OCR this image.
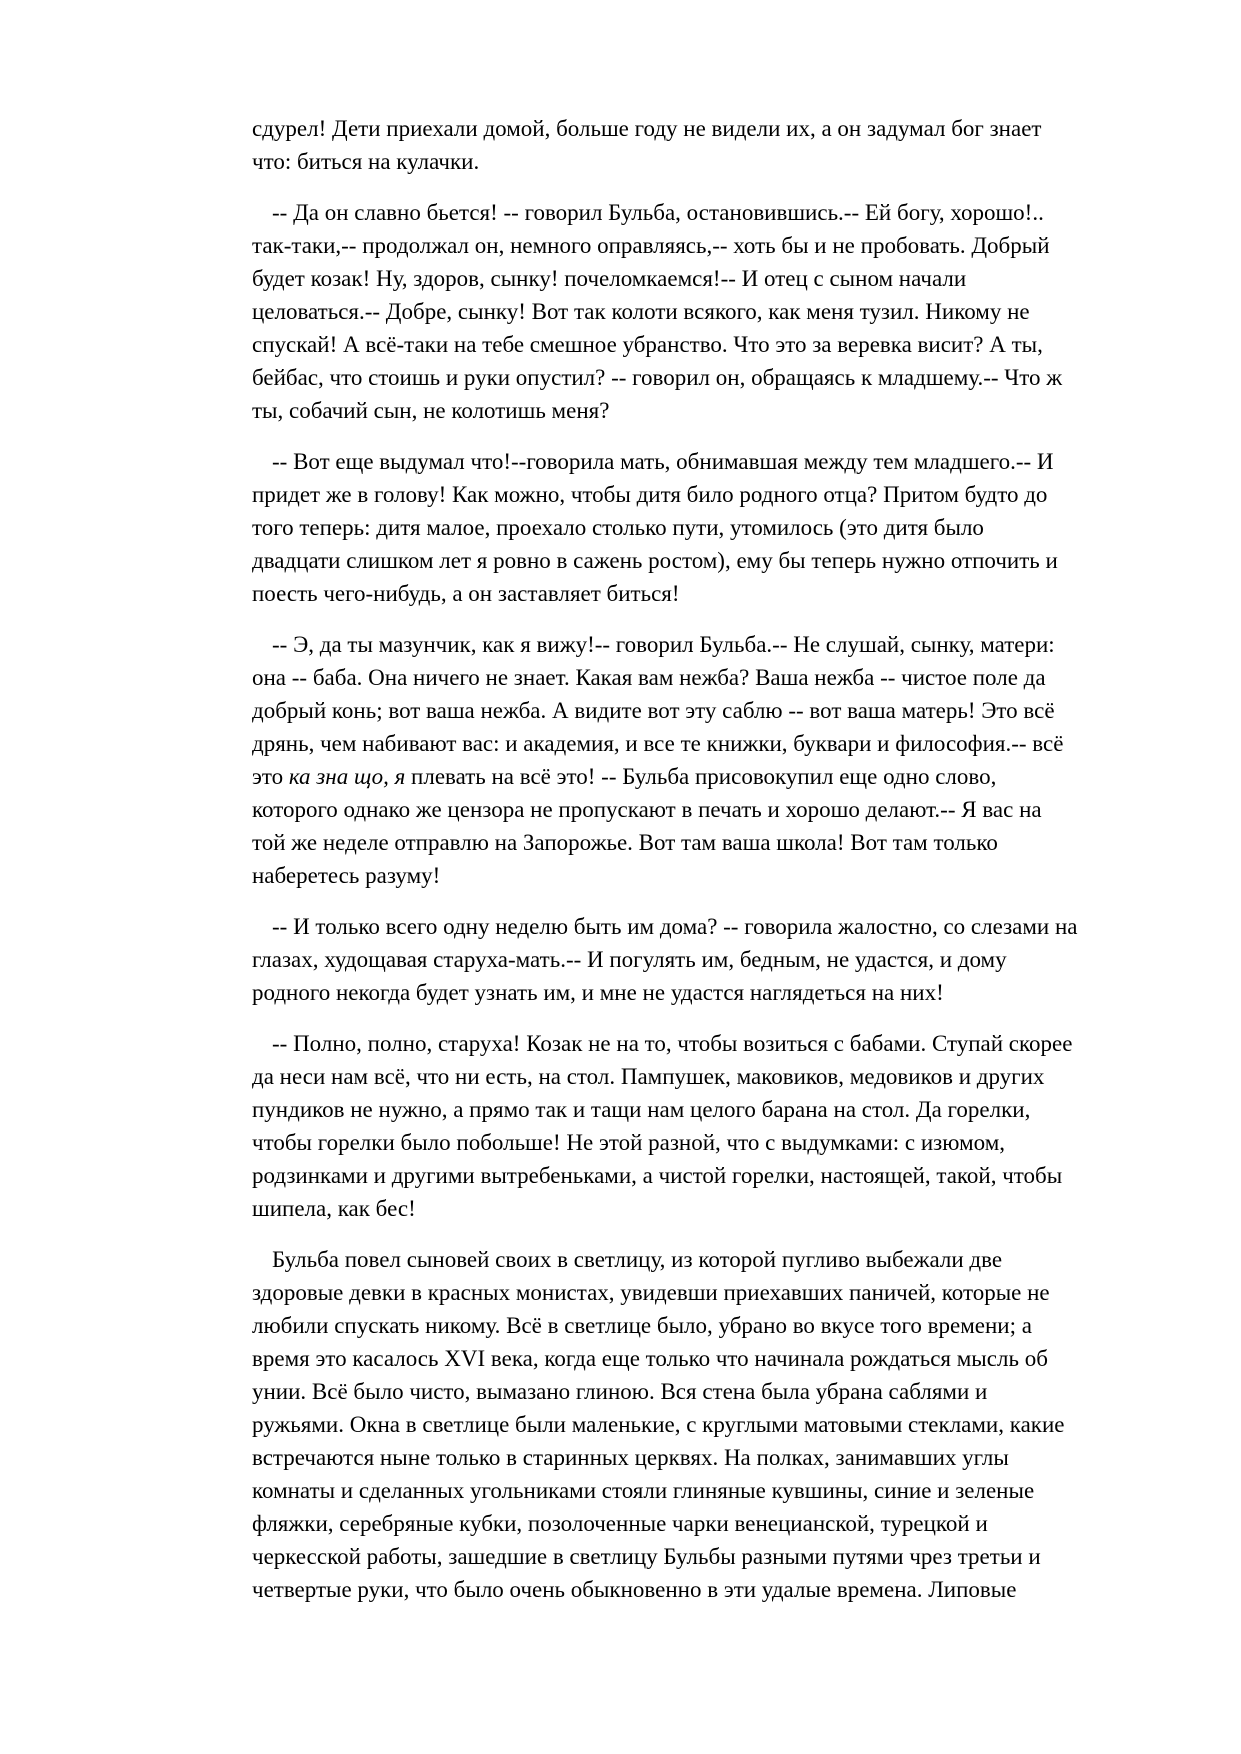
сдурел! Дети приехали домой, больше году не видели их, а он задумал бог знает
что: биться на кулачки.

-- Да он славно бьется! -- говорил Бульба, остановившись.-- Ей богу, хорошо!..
так-таки,-- продолжал он, немного оправляясь,-- хоть бы и не пробовать. Добрый
будет козак! Ну, здоров, сынку! почеломкаемся!-- И отец с сыном начали
целоваться.-- Добре, сынку! Вот так колоти всякого, как меня тузил. Никому не
спускай! А всё-таки на тебе смешное убранство. Что это за веревка висит? А ты,
бейбас, что стоишь и руки опустил? -- говорил он, обращаясь к младшему.-- Что ж
ты, собачий сын, не колотишь меня?

-- Вот еще выдумал что!--говорила мать, обнимавшая между тем младшего.-- И
придет же в голову! Как можно, чтобы дитя било родного отца? Притом будто до
того теперь: дитя малое, проехало столько пути, утомилось (это дитя было
двадцати слишком лет я ровно в сажень ростом), ему бы теперь нужно отпочить и
поесть чего-нибудь, а он заставляет биться!

-- Э, да ты мазунчик, как я вижу!-- говорил Бульба.-- Не слушай, сынку, матери:
она -- баба. Она ничего не знает. Какая вам нежба? Ваша нежба -- чистое поле да
добрый конь; вот ваша нежба. А видите вот эту саблю -- вот ваша матерь! Это всё
дрянь, чем набивают вас: и академия, и все те книжки, буквари и философия.-- всё
это ка зна що, я плевать на всё это! -- Бульба присовокупил еще одно слово,
которого однако же цензора не пропускают в печать и хорошо делают.-- Я вас на
той же неделе отправлю на Запорожье. Вот там ваша школа! Вот там только
наберетесь разуму!

-- И только всего одну неделю быть им дома? -- говорила жалостно, со слезами на
глазах, худощавая старуха-мать.-- И погулять им, бедным, не удастся, и дому
родного некогда будет узнать им, и мне не удастся наглядеться на них!

-- Полно, полно, старуха! Козак не на то, чтобы возиться с бабами. Ступай скорее
да неси нам всё, что ни есть, на стол. Пампушек, маковиков, медовиков и других
пундиков не нужно, а прямо так и тащи нам целого барана на стол. Да горелки,
чтобы горелки было побольше! Не этой разной, что с выдумками: с изюмом,
родзинками и другими вытребеньками, а чистой горелки, настоящей, такой, чтобы
шипела, как бес!

Бульба повел сыновей своих в светлицу, из которой пугливо выбежали две
здоровые девки в красных монистах, увидевши приехавших паничей, которые не
любили спускать никому. Всё в светлице было, убрано во вкусе того времени; а
время это касалось XVI века, когда еще только что начинала рождаться мысль об
унии. Всё было чисто, вымазано глиною. Вся стена была убрана саблями и
ружьями. Окна в светлице были маленькие, с круглыми матовыми стеклами, какие
встречаются ныне только в старинных церквях. На полках, занимавших углы
комнаты и сделанных угольниками стояли глиняные кувшины, синие и зеленые
фляжки, серебряные кубки, позолоченные чарки венецианской, турецкой и
черкесской работы, зашедшие в светлицу Бульбы разными путями чрез третьи и
четвертые руки, что было очень обыкновенно в эти удалые времена. Липовые
